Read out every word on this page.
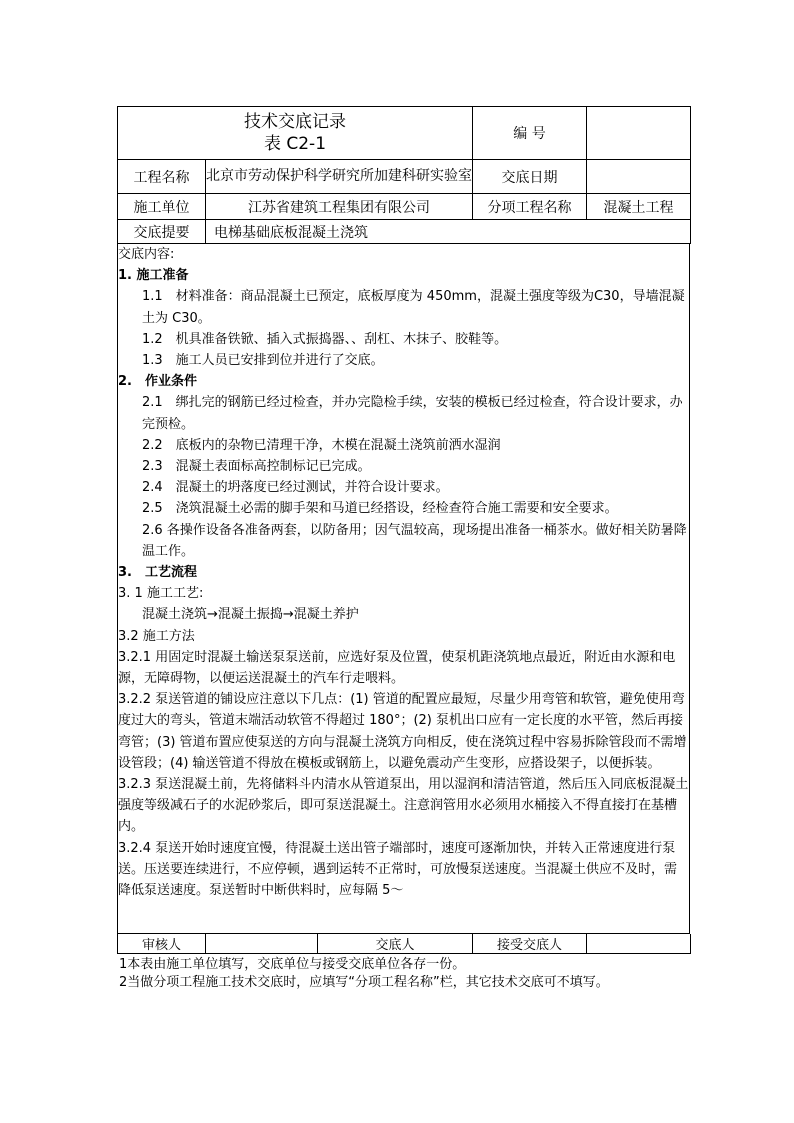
技术交底记录
表 C2-1		编 号	
工程名称	北京市劳动保护科学研究所加建科研实验室	交底日期	
施工单位	江苏省建筑工程集团有限公司	分项工程名称	混凝土工程
交底提要	电梯基础底板混凝土浇筑		

交底内容:

1. 施工准备

1.1　材料准备：商品混凝土已预定，底板厚度为 450mm，混凝土强度等级为C30，导墙混凝土为 C30。

1.2　机具准备铁锨、插入式振捣器、、刮杠、木抹子、胶鞋等。

1.3　施工人员已安排到位并进行了交底。

2.　作业条件

2.1　绑扎完的钢筋已经过检查，并办完隐检手续，安装的模板已经过检查，符合设计要求，办完预检。

2.2　底板内的杂物已清理干净，木模在混凝土浇筑前洒水湿润

2.3　混凝土表面标高控制标记已完成。

2.4　混凝土的坍落度已经过测试，并符合设计要求。

2.5　浇筑混凝土必需的脚手架和马道已经搭设，经检查符合施工需要和安全要求。

2.6 各操作设备各准备两套，以防备用；因气温较高，现场提出准备一桶茶水。做好相关防暑降温工作。

3.　工艺流程

3. 1 施工工艺:

混凝土浇筑→混凝土振捣→混凝土养护

3.2 施工方法

3.2.1 用固定时混凝土输送泵泵送前，应选好泵及位置，使泵机距浇筑地点最近，附近由水源和电源，无障碍物，以便运送混凝土的汽车行走喂料。

3.2.2 泵送管道的铺设应注意以下几点：(1) 管道的配置应最短，尽量少用弯管和软管，避免使用弯度过大的弯头，管道末端活动软管不得超过 180°；(2) 泵机出口应有一定长度的水平管，然后再接弯管；(3) 管道布置应使泵送的方向与混凝土浇筑方向相反，使在浇筑过程中容易拆除管段而不需增设管段；(4) 输送管道不得放在模板或钢筋上，以避免震动产生变形，应搭设架子，以便拆装。

3.2.3 泵送混凝土前，先将储料斗内清水从管道泵出，用以湿润和清洁管道，然后压入同底板混凝土强度等级减石子的水泥砂浆后，即可泵送混凝土。注意润管用水必须用水桶接入不得直接打在基槽内。

3.2.4 泵送开始时速度宜慢，待混凝土送出管子端部时，速度可逐渐加快，并转入正常速度进行泵送。压送要连续进行，不应停顿，遇到运转不正常时，可放慢泵送速度。当混凝土供应不及时，需降低泵送速度。泵送暂时中断供料时，应每隔 5～

审核人		交底人	接受交底人	

1本表由施工单位填写，交底单位与接受交底单位各存一份。

2当做分项工程施工技术交底时，应填写“分项工程名称”栏，其它技术交底可不填写。
